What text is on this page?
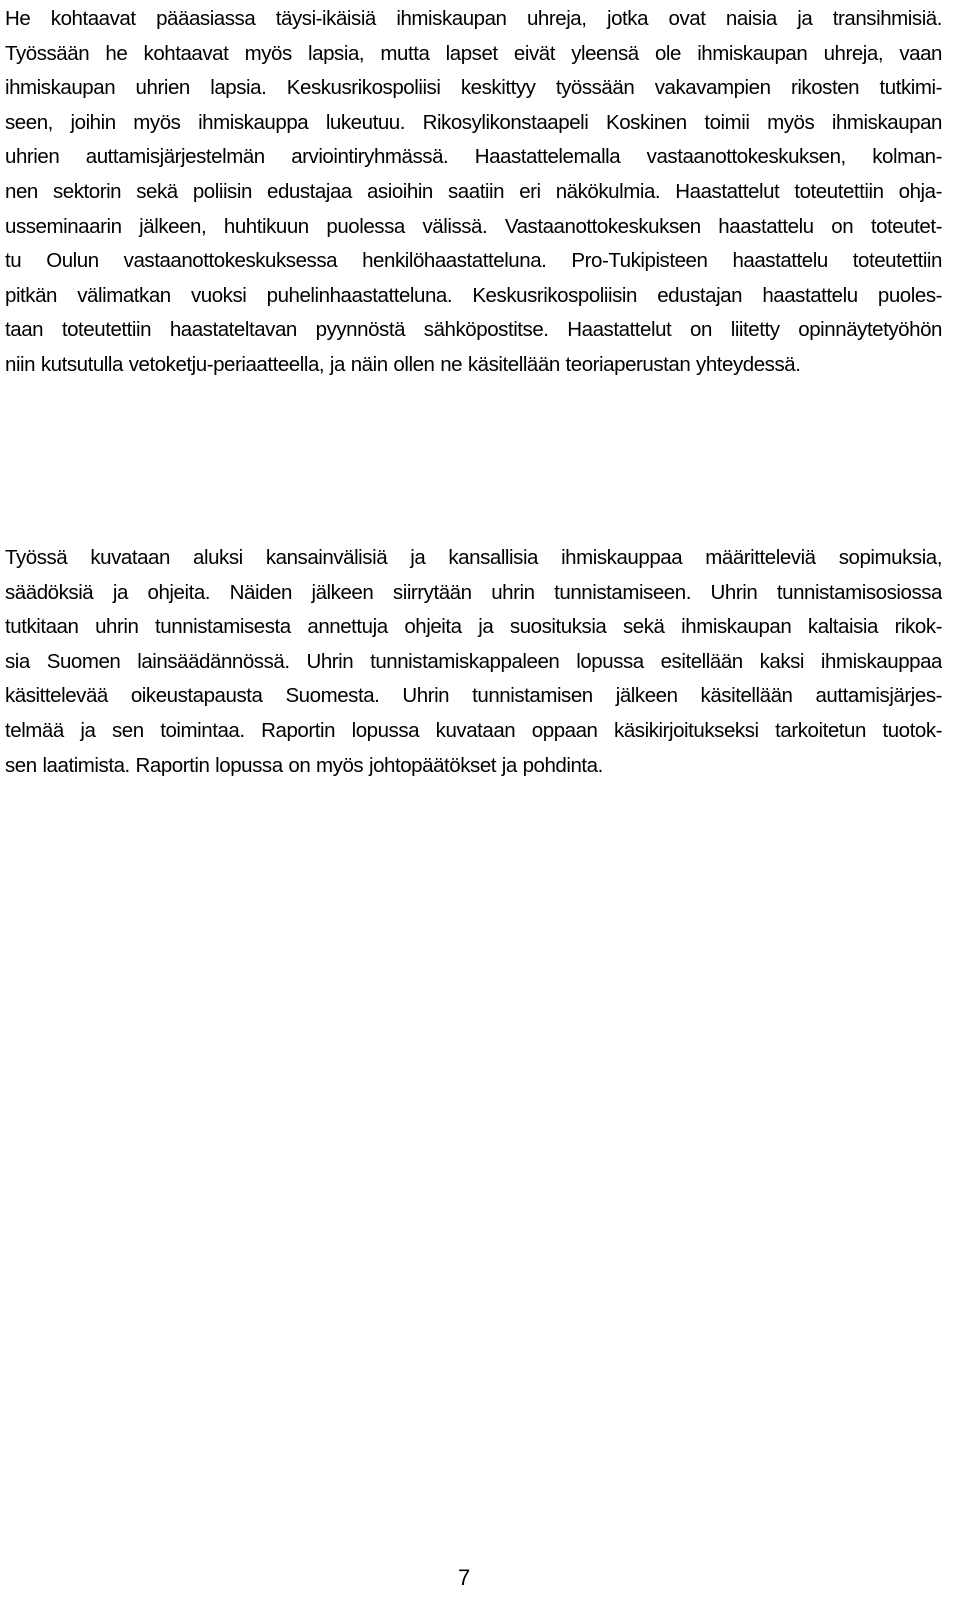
He kohtaavat pääasiassa täysi-ikäisiä ihmiskaupan uhreja, jotka ovat naisia ja transihmisiä.
Työssään he kohtaavat myös lapsia, mutta lapset eivät yleensä ole ihmiskaupan uhreja, vaan
ihmiskaupan uhrien lapsia. Keskusrikospoliisi keskittyy työssään vakavampien rikosten tutkimi-
seen, joihin myös ihmiskauppa lukeutuu. Rikosylikonstaapeli Koskinen toimii myös ihmiskaupan
uhrien auttamisjärjestelmän arviointiryhmässä. Haastattelemalla vastaanottokeskuksen, kolman-
nen sektorin sekä poliisin edustajaa asioihin saatiin eri näkökulmia. Haastattelut toteutettiin ohja-
usseminaarin jälkeen, huhtikuun puolessa välissä. Vastaanottokeskuksen haastattelu on toteutet-
tu Oulun vastaanottokeskuksessa henkilöhaastatteluna. Pro-Tukipisteen haastattelu toteutettiin
pitkän välimatkan vuoksi puhelinhaastatteluna. Keskusrikospoliisin edustajan haastattelu puoles-
taan toteutettiin haastateltavan pyynnöstä sähköpostitse. Haastattelut on liitetty opinnäytetyöhön
niin kutsutulla vetoketju-periaatteella, ja näin ollen ne käsitellään teoriaperustan yhteydessä.
Työssä kuvataan aluksi kansainvälisiä ja kansallisia ihmiskauppaa määritteleviä sopimuksia,
säädöksiä ja ohjeita. Näiden jälkeen siirrytään uhrin tunnistamiseen. Uhrin tunnistamisosiossa
tutkitaan uhrin tunnistamisesta annettuja ohjeita ja suosituksia sekä ihmiskaupan kaltaisia rikok-
sia Suomen lainsäädännössä. Uhrin tunnistamiskappaleen lopussa esitellään kaksi ihmiskauppaa
käsittelevää oikeustapausta Suomesta. Uhrin tunnistamisen jälkeen käsitellään auttamisjärjes-
telmää ja sen toimintaa. Raportin lopussa kuvataan oppaan käsikirjoitukseksi tarkoitetun tuotok-
sen laatimista. Raportin lopussa on myös johtopäätökset ja pohdinta.

7
